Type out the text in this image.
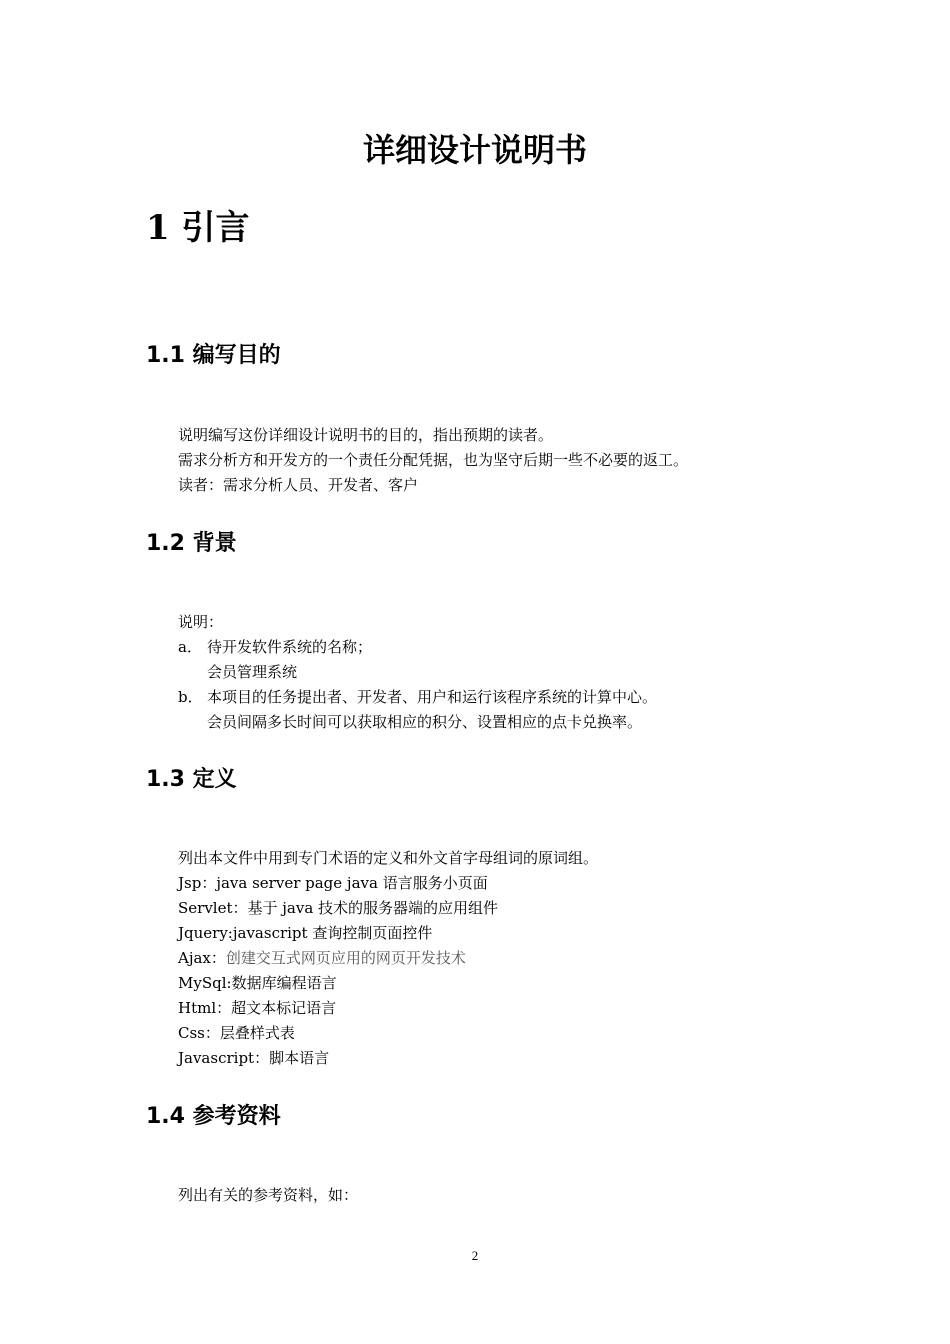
详细设计说明书
1 引言
1.1 编写目的
说明编写这份详细设计说明书的目的，指出预期的读者。
需求分析方和开发方的一个责任分配凭据，也为坚守后期一些不必要的返工。
读者：需求分析人员、开发者、客户
1.2 背景
说明：
a． 待开发软件系统的名称；
会员管理系统
b． 本项目的任务提出者、开发者、用户和运行该程序系统的计算中心。
会员间隔多长时间可以获取相应的积分、设置相应的点卡兑换率。
1.3 定义
列出本文件中用到专门术语的定义和外文首字母组词的原词组。
Jsp：java server page java 语言服务小页面
Servlet：基于 java 技术的服务器端的应用组件
Jquery:javascript 查询控制页面控件
Ajax：创建交互式网页应用的网页开发技术
MySql:数据库编程语言
Html：超文本标记语言
Css：层叠样式表
Javascript：脚本语言
1.4 参考资料
列出有关的参考资料，如：
2
